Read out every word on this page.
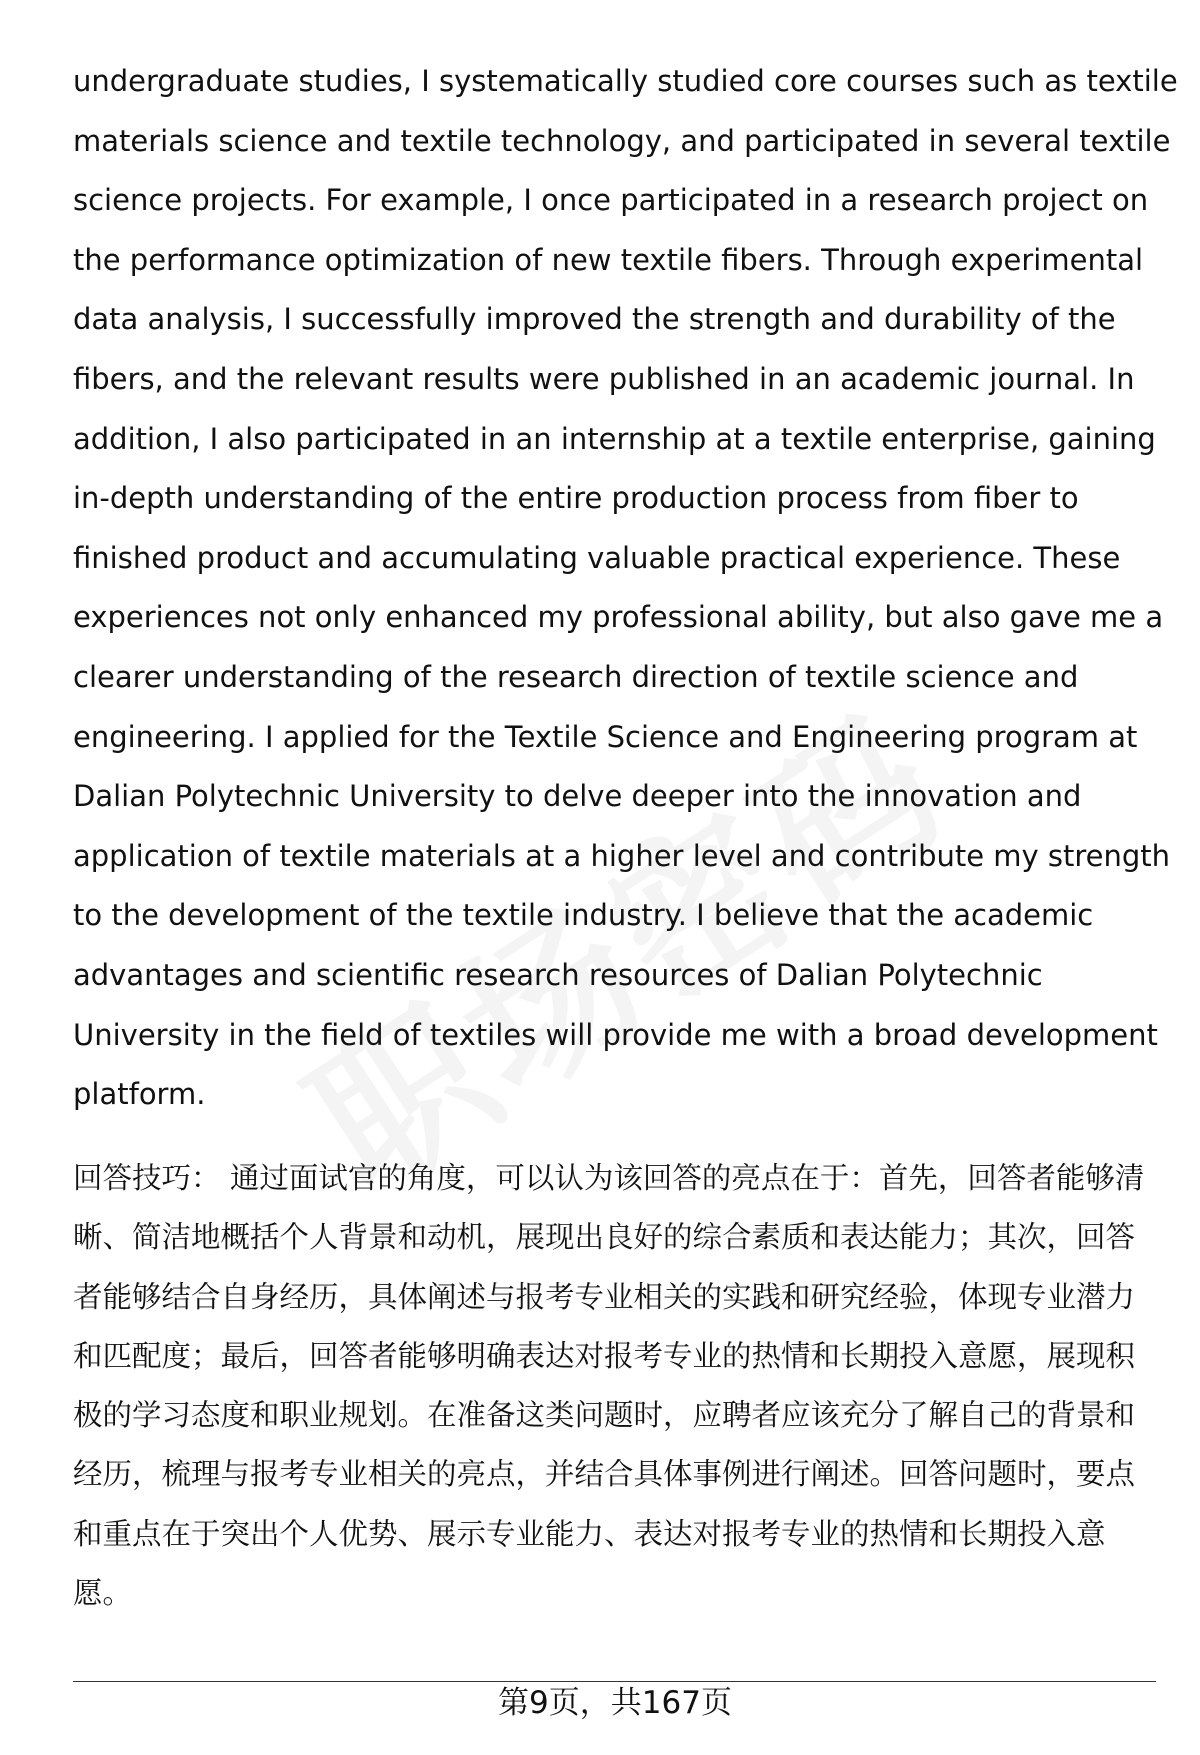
undergraduate studies, I systematically studied core courses such as textile
materials science and textile technology, and participated in several textile
science projects. For example, I once participated in a research project on
the performance optimization of new textile fibers. Through experimental
data analysis, I successfully improved the strength and durability of the
fibers, and the relevant results were published in an academic journal. In
addition, I also participated in an internship at a textile enterprise, gaining
in-depth understanding of the entire production process from fiber to
finished product and accumulating valuable practical experience. These
experiences not only enhanced my professional ability, but also gave me a
clearer understanding of the research direction of textile science and
engineering. I applied for the Textile Science and Engineering program at
Dalian Polytechnic University to delve deeper into the innovation and
application of textile materials at a higher level and contribute my strength
to the development of the textile industry. I believe that the academic
advantages and scientific research resources of Dalian Polytechnic
University in the field of textiles will provide me with a broad development
platform.
回答技巧： 通过面试官的角度，可以认为该回答的亮点在于：首先，回答者能够清
晰、简洁地概括个人背景和动机，展现出良好的综合素质和表达能力；其次，回答
者能够结合自身经历，具体阐述与报考专业相关的实践和研究经验，体现专业潜力
和匹配度；最后，回答者能够明确表达对报考专业的热情和长期投入意愿，展现积
极的学习态度和职业规划。在准备这类问题时，应聘者应该充分了解自己的背景和
经历，梳理与报考专业相关的亮点，并结合具体事例进行阐述。回答问题时，要点
和重点在于突出个人优势、展示专业能力、表达对报考专业的热情和长期投入意
愿。
第9页，共167页
